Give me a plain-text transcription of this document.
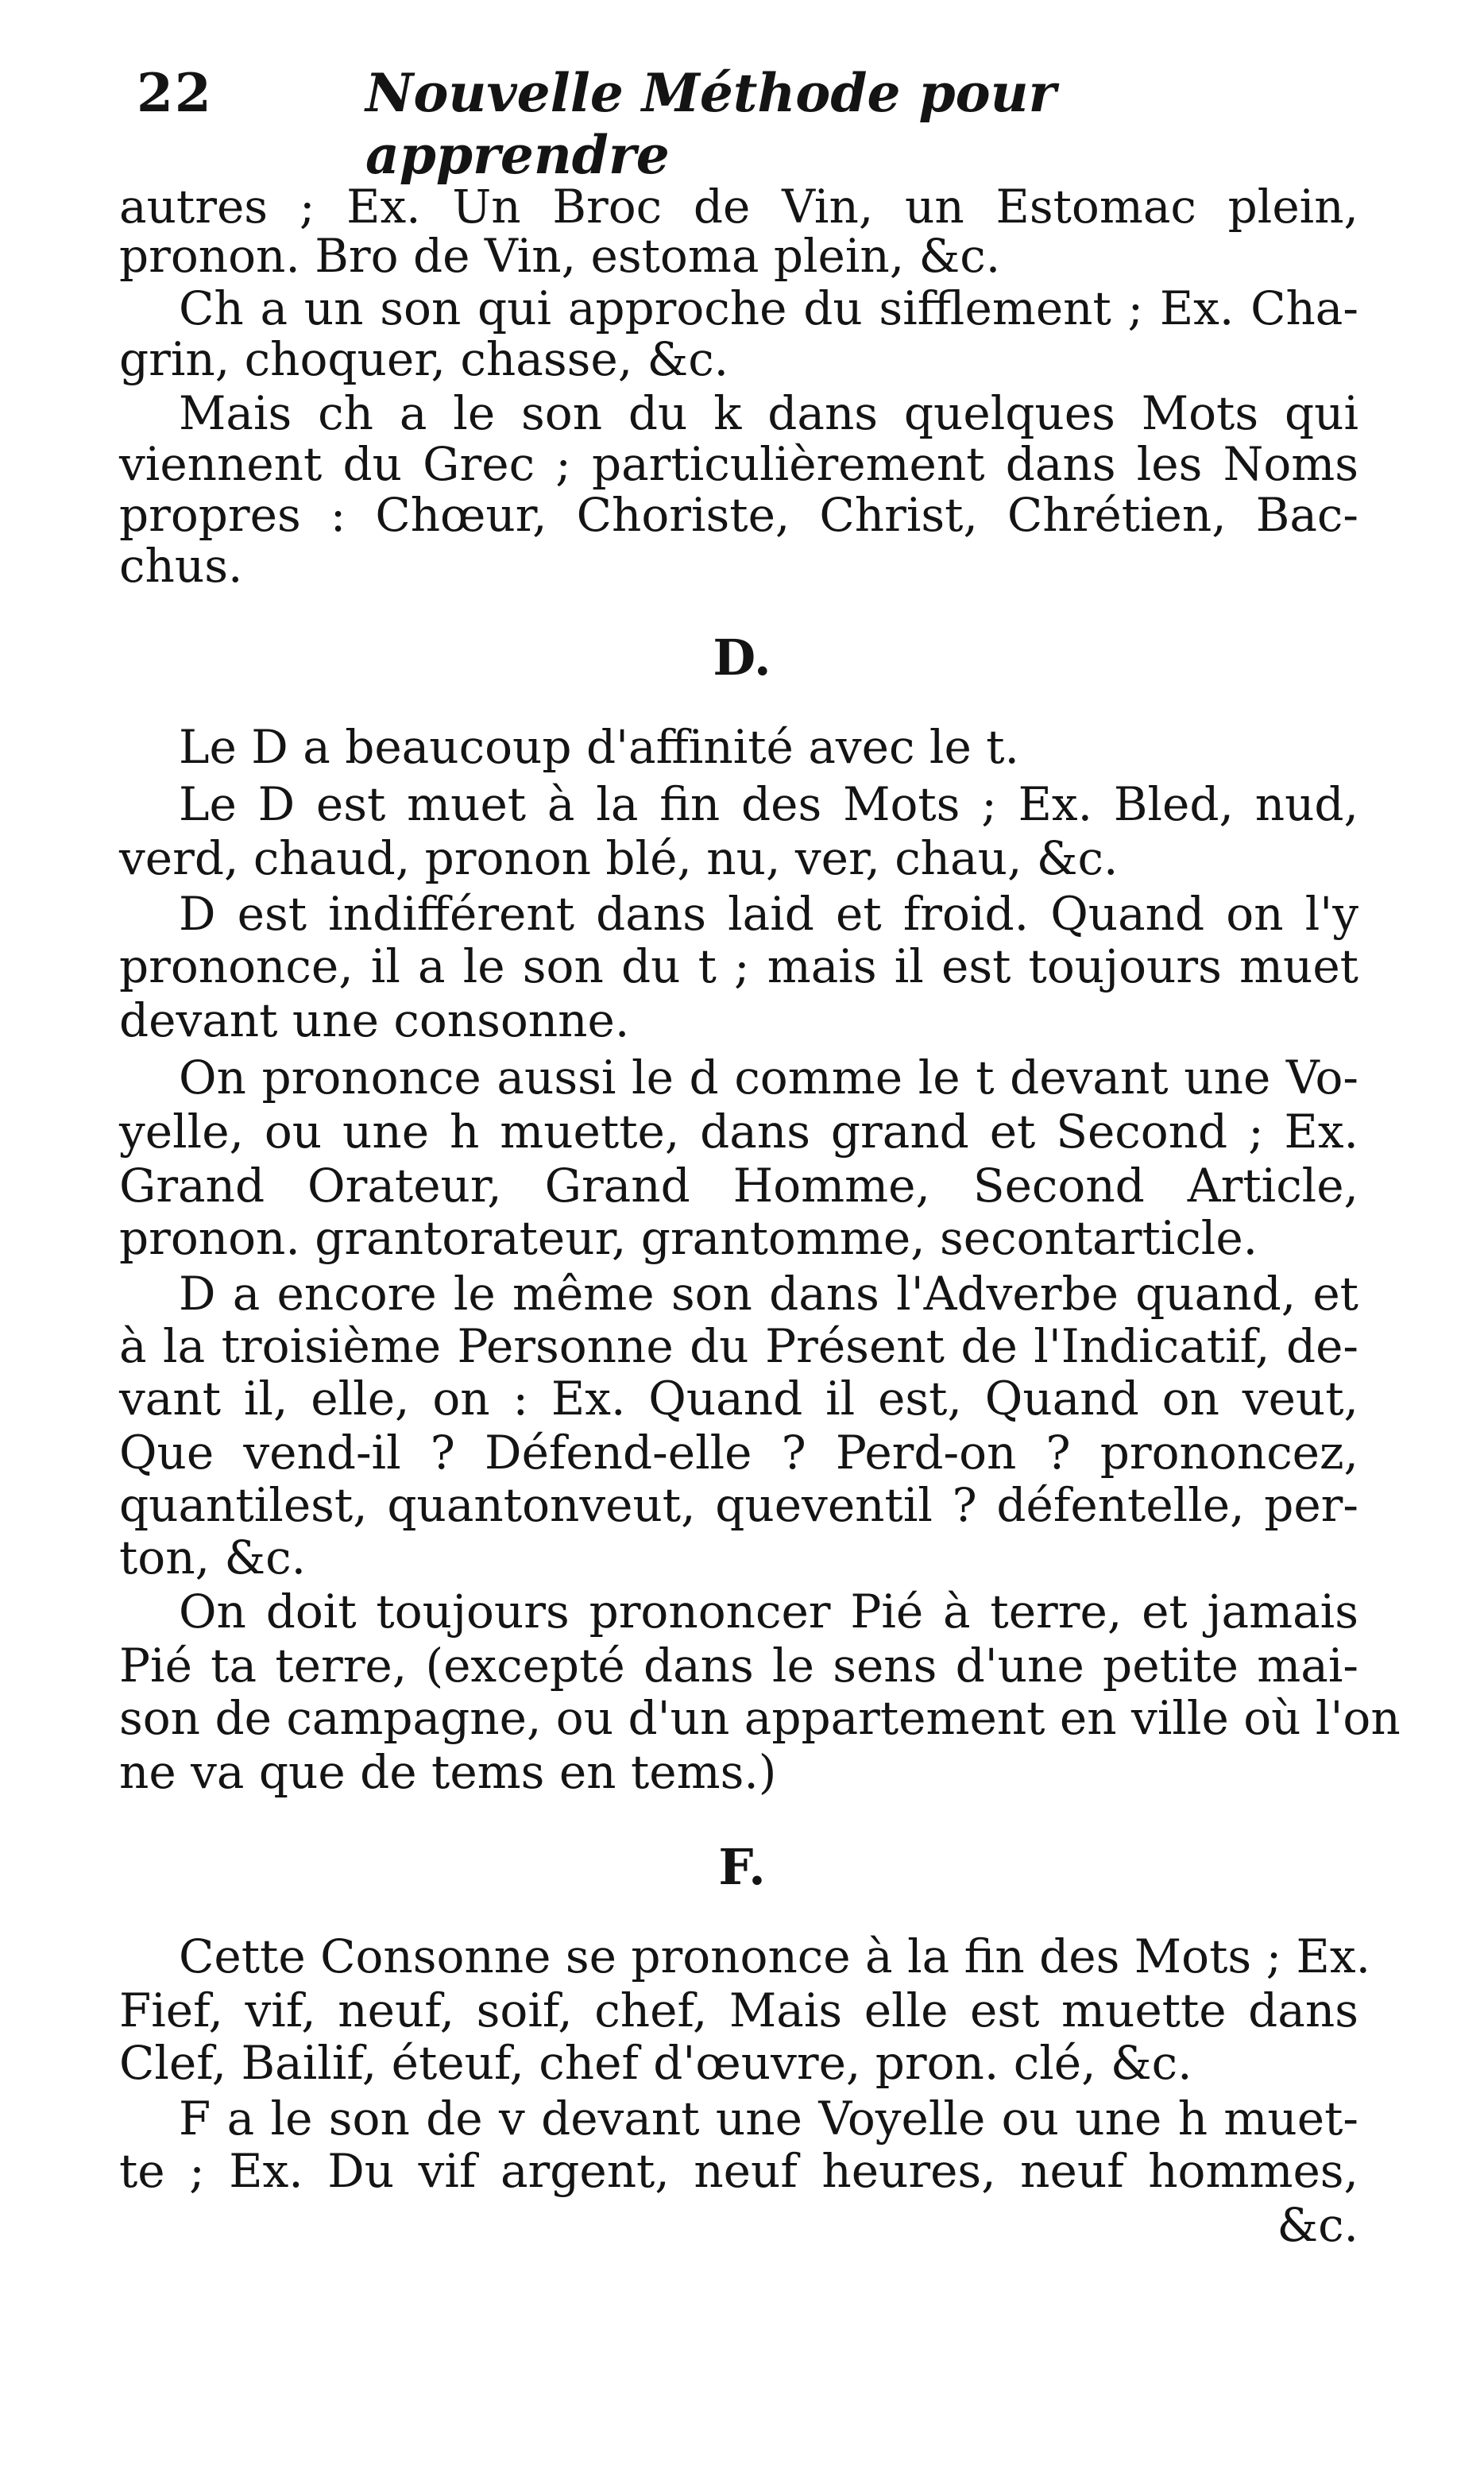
22	Nouvelle Méthode pour apprendre
autres ; Ex. Un Broc de Vin, un Estomac plein,
pronon. Bro de Vin, estoma plein, &c.
Ch a un son qui approche du sifflement ; Ex. Cha-
grin, choquer, chasse, &c.
Mais ch a le son du k dans quelques Mots qui
viennent du Grec ; particulièrement dans les Noms
propres : Chœur, Choriste, Christ, Chrétien, Bac-
chus.
D.
Le D a beaucoup d'affinité avec le t.
Le D est muet à la fin des Mots ; Ex. Bled, nud,
verd, chaud, pronon blé, nu, ver, chau, &c.
D est indifférent dans laid et froid. Quand on l'y
prononce, il a le son du t ; mais il est toujours muet
devant une consonne.
On prononce aussi le d comme le t devant une Vo-
yelle, ou une h muette, dans grand et Second ; Ex.
Grand Orateur, Grand Homme, Second Article,
pronon. grantorateur, grantomme, secontarticle.
D a encore le même son dans l'Adverbe quand, et
à la troisième Personne du Présent de l'Indicatif, de-
vant il, elle, on : Ex. Quand il est, Quand on veut,
Que vend-il ? Défend-elle ? Perd-on ? prononcez,
quantilest, quantonveut, queventil ? défentelle, per-
ton, &c.
On doit toujours prononcer Pié à terre, et jamais
Pié ta terre, (excepté dans le sens d'une petite mai-
son de campagne, ou d'un appartement en ville où l'on
ne va que de tems en tems.)
F.
Cette Consonne se prononce à la fin des Mots ; Ex.
Fief, vif, neuf, soif, chef, Mais elle est muette dans
Clef, Bailif, éteuf, chef d'œuvre, pron. clé, &c.
F a le son de v devant une Voyelle ou une h muet-
te ; Ex. Du vif argent, neuf heures, neuf hommes,
&c.
